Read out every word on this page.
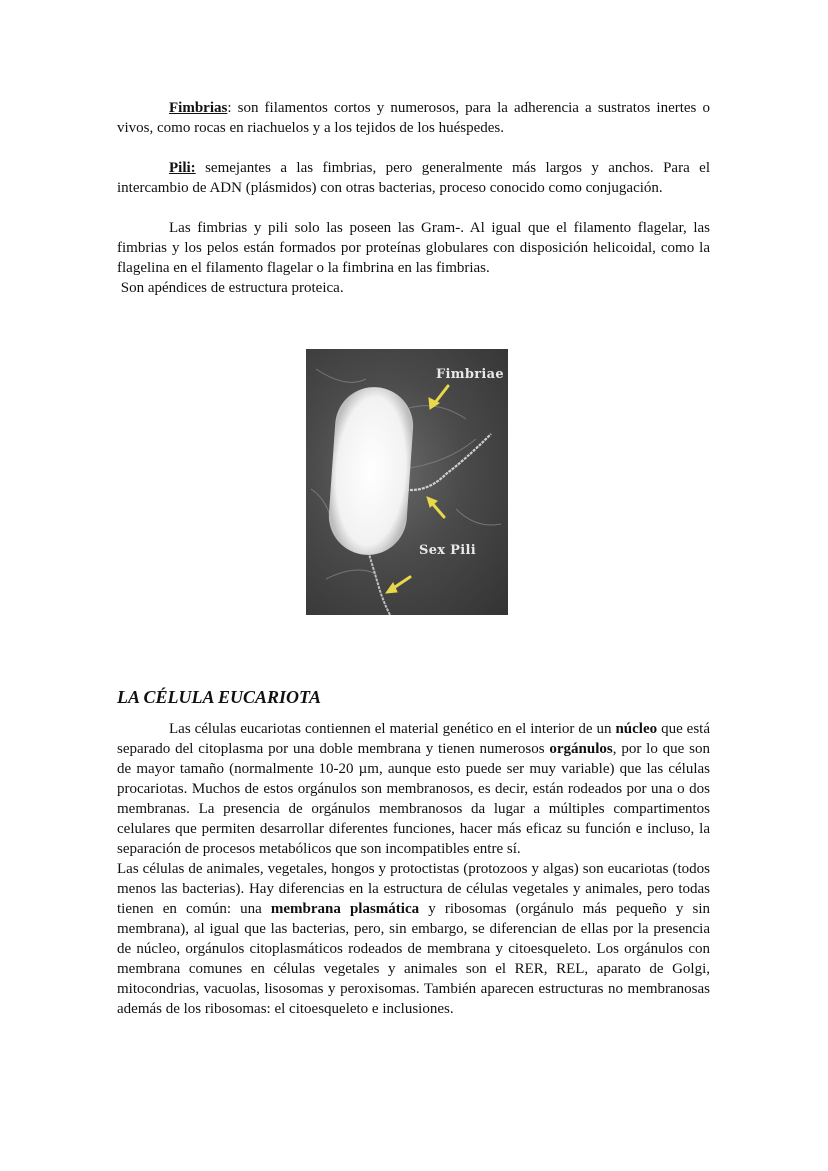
Fimbrias: son filamentos cortos y numerosos, para la adherencia a sustratos inertes o vivos, como rocas en riachuelos y a los tejidos de los huéspedes.

Pili: semejantes a las fimbrias, pero generalmente más largos y anchos. Para el intercambio de ADN (plásmidos) con otras bacterias, proceso conocido como conjugación.

Las fimbrias y pili solo las poseen las Gram-. Al igual que el filamento flagelar, las fimbrias y los pelos están formados por proteínas globulares con disposición helicoidal, como la flagelina en el filamento flagelar o la fimbrina en las fimbrias.

Son apéndices de estructura proteica.

Fimbriae
Sex Pili
LA CÉLULA EUCARIOTA

Las células eucariotas contiennen el material genético en el interior de un núcleo que está separado del citoplasma por una doble membrana y tienen numerosos orgánulos, por lo que son de mayor tamaño (normalmente 10-20 µm, aunque esto puede ser muy variable) que las células procariotas. Muchos de estos orgánulos son membranosos, es decir, están rodeados por una o dos membranas. La presencia de orgánulos membranosos da lugar a múltiples compartimentos celulares que permiten desarrollar diferentes funciones, hacer más eficaz su función e incluso, la separación de procesos metabólicos que son incompatibles entre sí.

Las células de animales, vegetales, hongos y protoctistas (protozoos y algas) son eucariotas (todos menos las bacterias). Hay diferencias en la estructura de células vegetales y animales, pero todas tienen en común: una membrana plasmática y ribosomas (orgánulo más pequeño y sin membrana), al igual que las bacterias, pero, sin embargo, se diferencian de ellas por la presencia de núcleo, orgánulos citoplasmáticos rodeados de membrana y citoesqueleto. Los orgánulos con membrana comunes en células vegetales y animales son el RER, REL, aparato de Golgi, mitocondrias, vacuolas, lisosomas y peroxisomas. También aparecen estructuras no membranosas además de los ribosomas: el citoesqueleto e inclusiones.
